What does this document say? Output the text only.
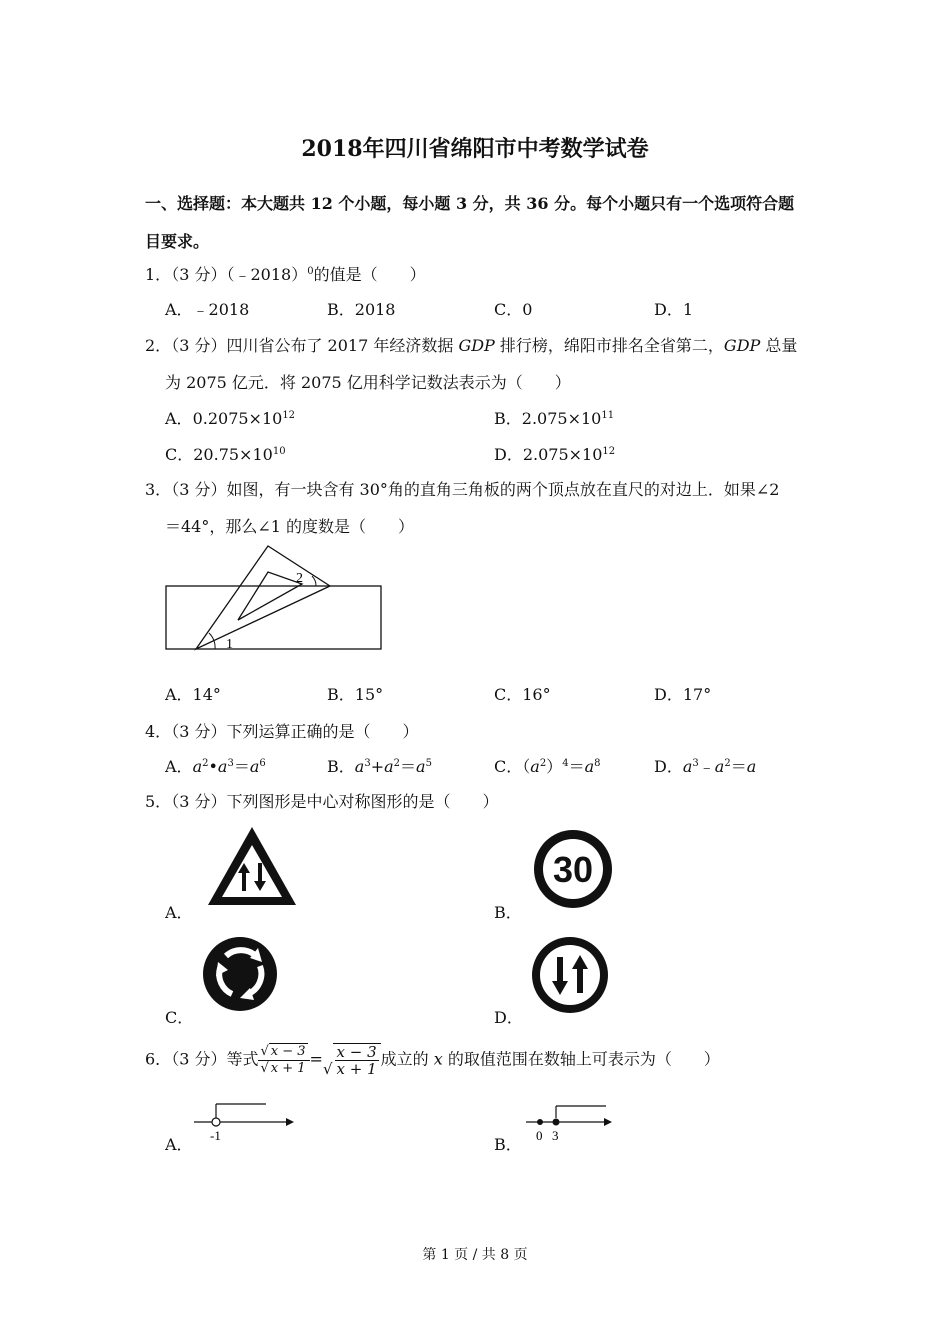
2018年四川省绵阳市中考数学试卷
一、选择题：本大题共 12 个小题，每小题 3 分，共 36 分。每个小题只有一个选项符合题
目要求。
1．（3 分）（﹣2018）$^0$的值是（　　）
A．﹣2018	B．2018	C．0	D．1
2．（3 分）四川省公布了 2017 年经济数据 GDP 排行榜，绵阳市排名全省第二，GDP 总量
为 2075 亿元．将 2075 亿用科学记数法表示为（　　）
A．$0.2075\times 10^{12}$	B．$2.075\times 10^{11}$
C．$20.75\times 10^{10}$	D．$2.075\times 10^{12}$
3．（3 分）如图，有一块含有 30°角的直角三角板的两个顶点放在直尺的对边上．如果∠2
＝44°，那么∠1 的度数是（　　）
1
2
A．14°	B．15°	C．16°	D．17°
4．（3 分）下列运算正确的是（　　）
A．$a^2•a^3=a^6$	B．$a^3+a^2=a^5$	C．$(a^2)^4=a^8$	D．$a^3﹣a^2=a$
5．（3 分）下列图形是中心对称图形的是（　　）
A．	B．
30
C．	D．
6．（3 分）等式 $\frac{√ x - 3}{√ x + 1}$ =√ $\frac{x - 3}{x + 1}$ 成立的 x 的取值范围在数轴上可表示为（　　）
A． -1	B． 0 3
第 1 页 / 共 8 页
